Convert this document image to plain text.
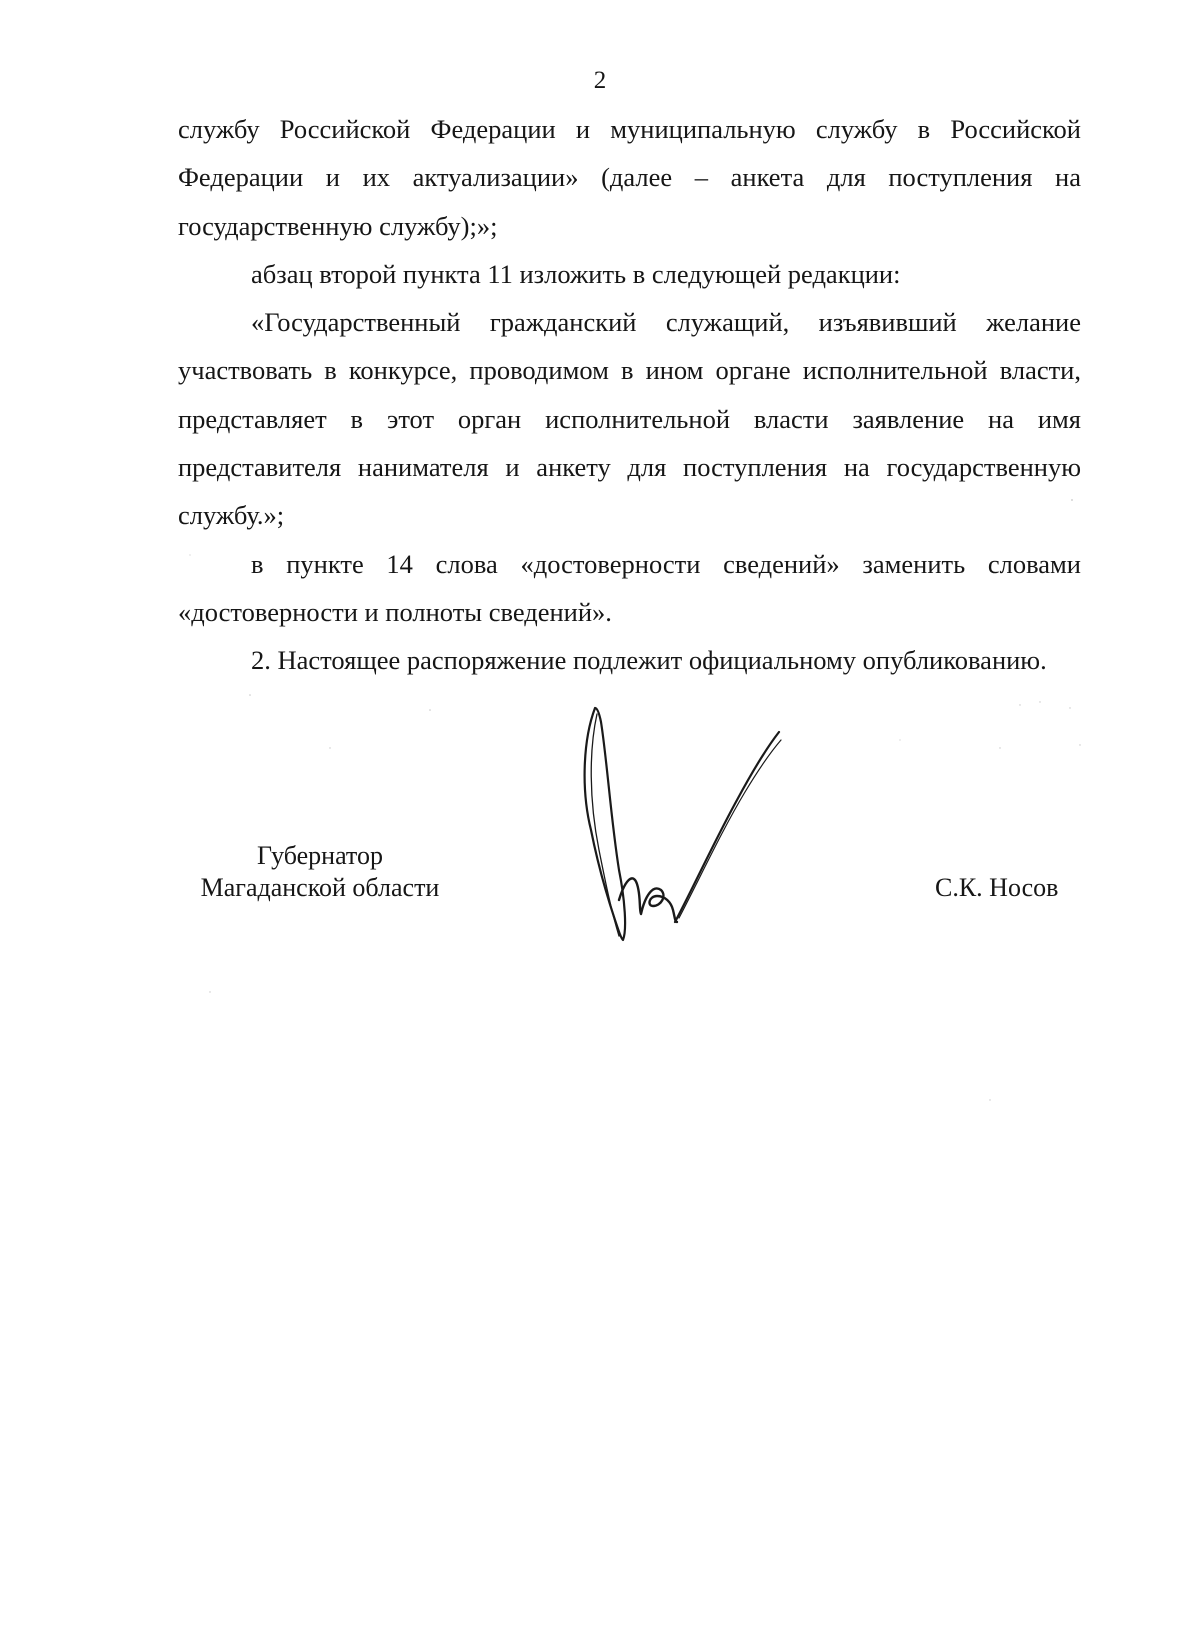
2

службу Российской Федерации и муниципальную службу в Российской Федерации и их актуализации» (далее – анкета для поступления на государственную службу);»;

абзац второй пункта 11 изложить в следующей редакции:

«Государственный гражданский служащий, изъявивший желание участвовать в конкурсе, проводимом в ином органе исполнительной власти, представляет в этот орган исполнительной власти заявление на имя представителя нанимателя и анкету для поступления на государственную службу.»;

в пункте 14 слова «достоверности сведений» заменить словами «достоверности и полноты сведений».

2. Настоящее распоряжение подлежит официальному опубликованию.

Губернатор
Магаданской области	С.К. Носов
